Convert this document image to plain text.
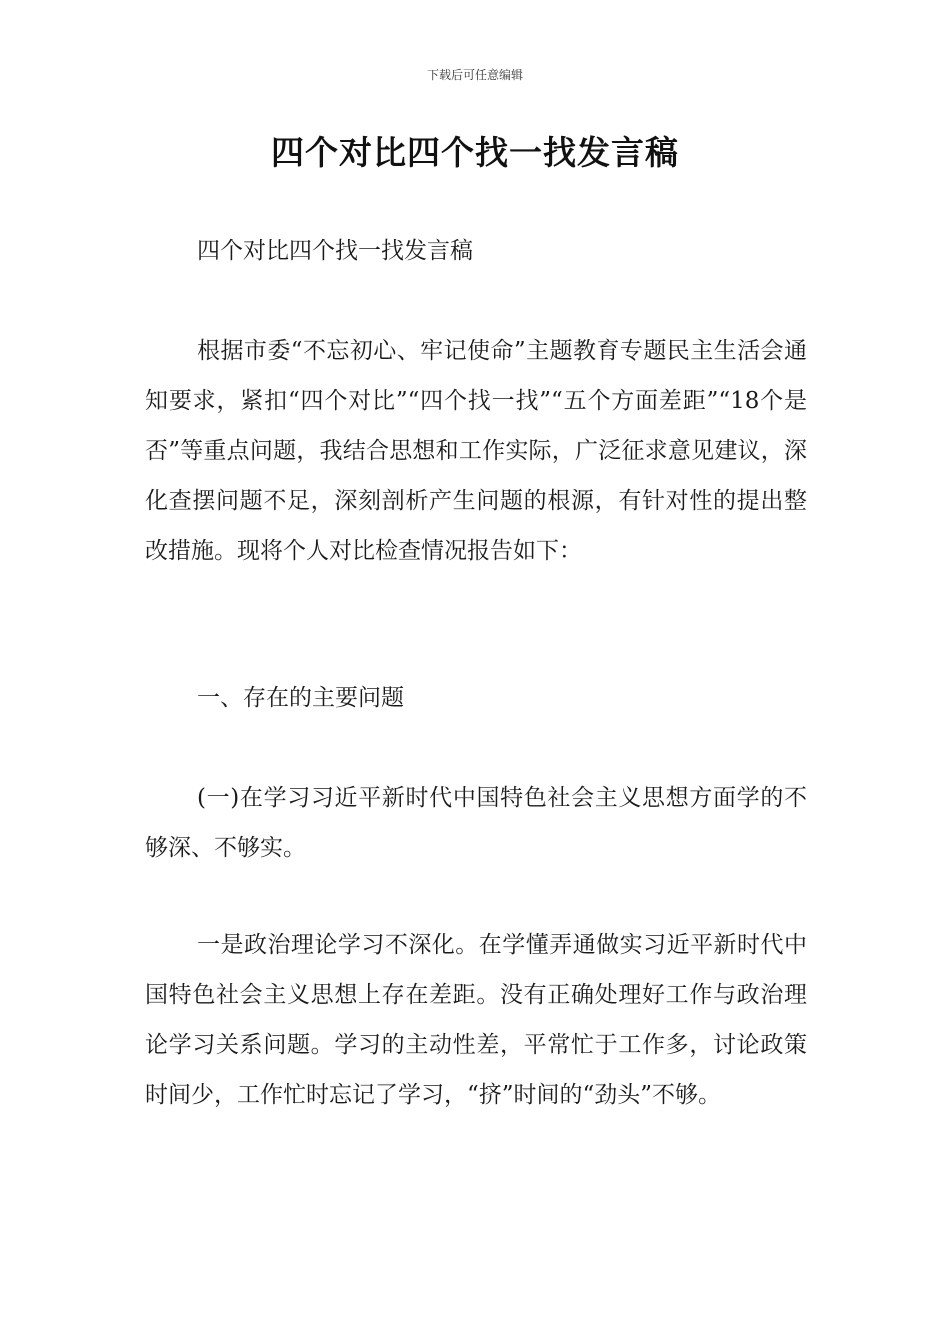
下载后可任意编辑
四个对比四个找一找发言稿

四个对比四个找一找发言稿

根据市委“不忘初心、牢记使命”主题教育专题民主生活会通知要求，紧扣“四个对比”“四个找一找”“五个方面差距”“18个是否”等重点问题，我结合思想和工作实际，广泛征求意见建议，深化查摆问题不足，深刻剖析产生问题的根源，有针对性的提出整改措施。现将个人对比检查情况报告如下：

一、存在的主要问题

(一)在学习习近平新时代中国特色社会主义思想方面学的不够深、不够实。

一是政治理论学习不深化。在学懂弄通做实习近平新时代中国特色社会主义思想上存在差距。没有正确处理好工作与政治理论学习关系问题。学习的主动性差，平常忙于工作多，讨论政策时间少，工作忙时忘记了学习，“挤”时间的“劲头”不够。
